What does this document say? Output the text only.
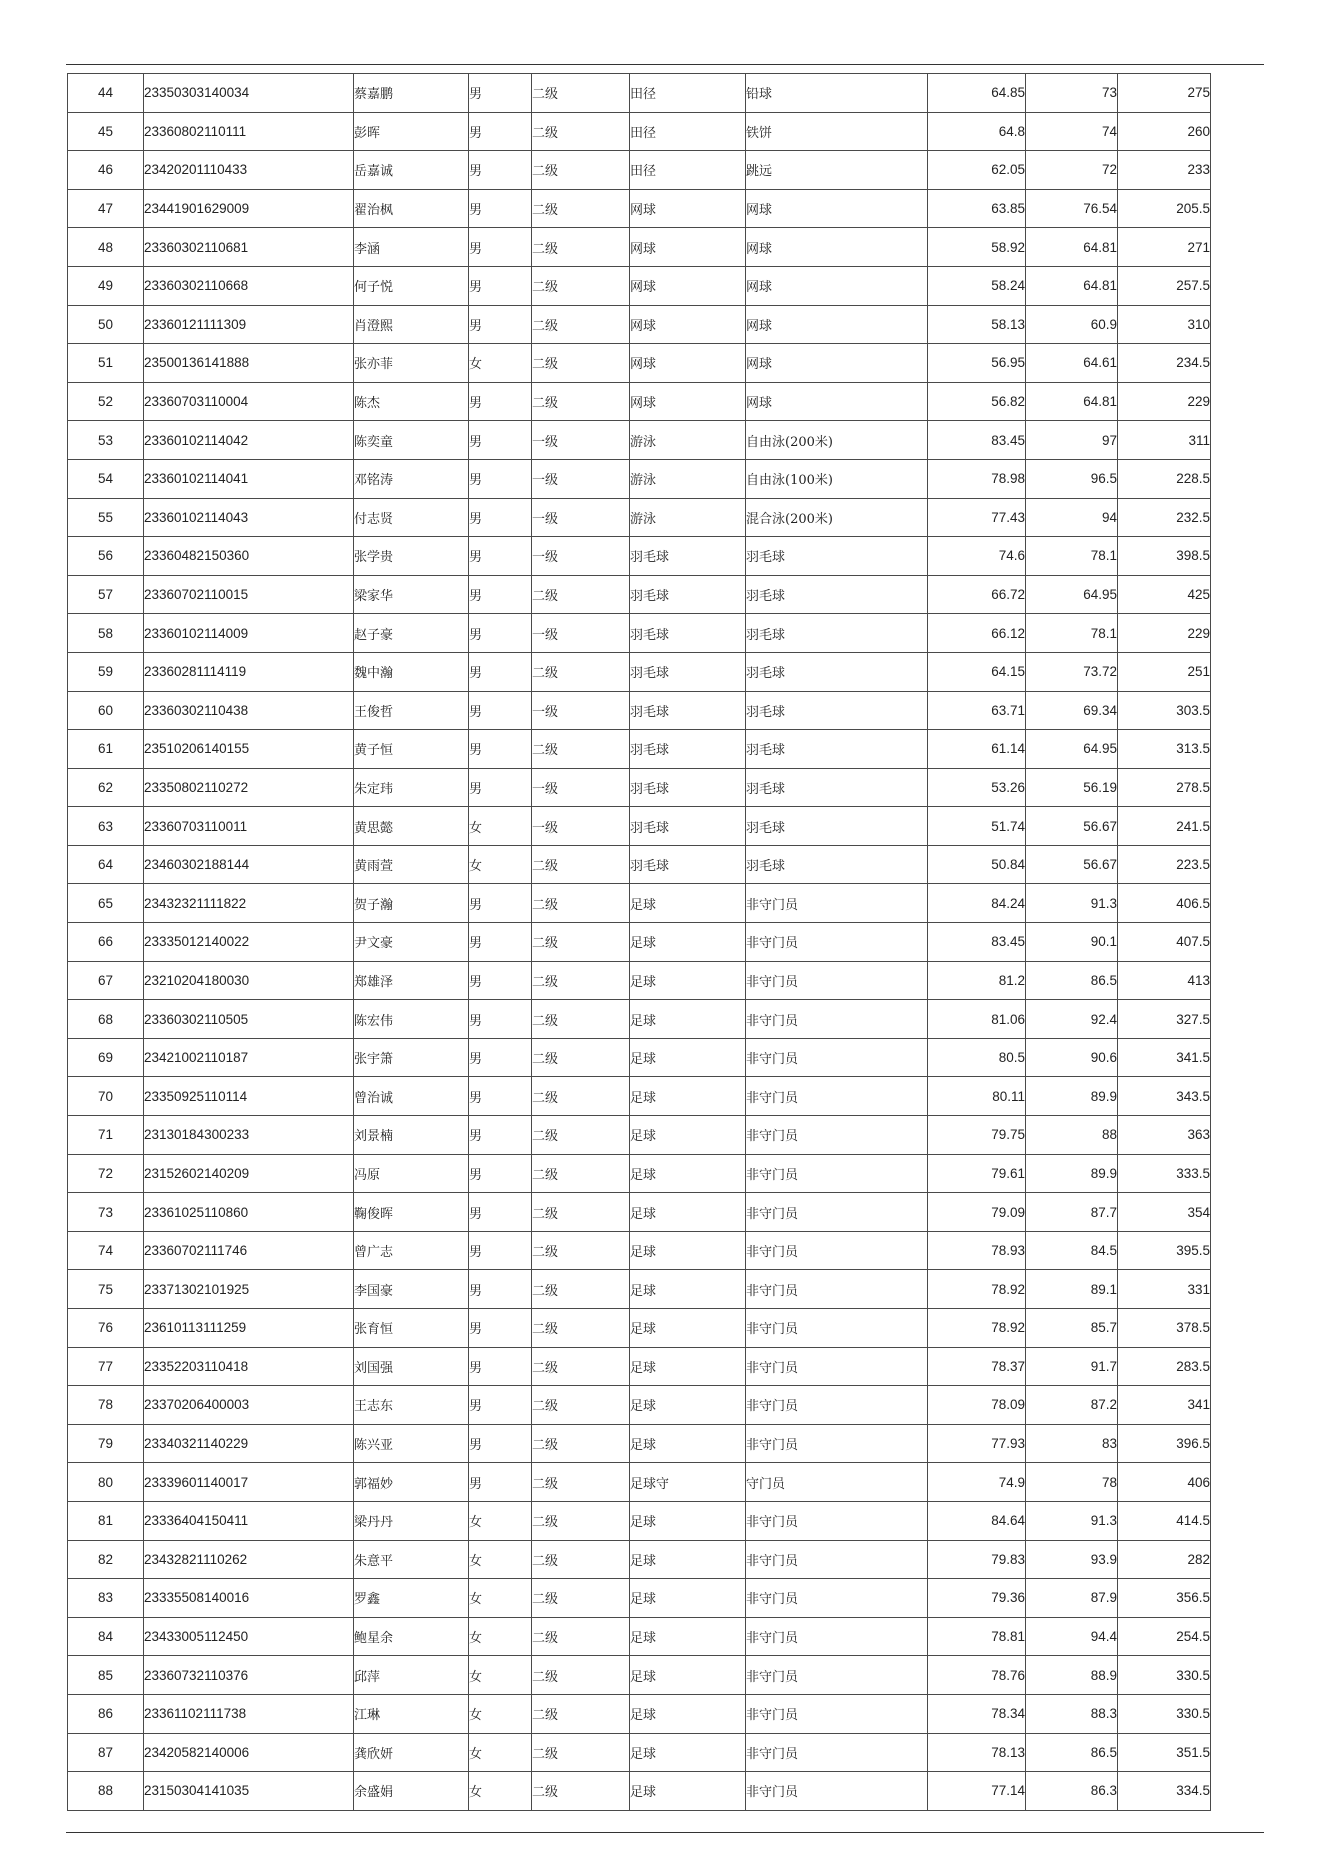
44	23350303140034	蔡嘉鹏	男	二级	田径	铅球	64.85	73	275
45	23360802110111	彭晖	男	二级	田径	铁饼	64.8	74	260
46	23420201110433	岳嘉诚	男	二级	田径	跳远	62.05	72	233
47	23441901629009	翟治枫	男	二级	网球	网球	63.85	76.54	205.5
48	23360302110681	李涵	男	二级	网球	网球	58.92	64.81	271
49	23360302110668	何子悦	男	二级	网球	网球	58.24	64.81	257.5
50	23360121111309	肖澄熙	男	二级	网球	网球	58.13	60.9	310
51	23500136141888	张亦菲	女	二级	网球	网球	56.95	64.61	234.5
52	23360703110004	陈杰	男	二级	网球	网球	56.82	64.81	229
53	23360102114042	陈奕童	男	一级	游泳	自由泳(200米)	83.45	97	311
54	23360102114041	邓铭涛	男	一级	游泳	自由泳(100米)	78.98	96.5	228.5
55	23360102114043	付志贤	男	一级	游泳	混合泳(200米)	77.43	94	232.5
56	23360482150360	张学贵	男	一级	羽毛球	羽毛球	74.6	78.1	398.5
57	23360702110015	梁家华	男	二级	羽毛球	羽毛球	66.72	64.95	425
58	23360102114009	赵子豪	男	一级	羽毛球	羽毛球	66.12	78.1	229
59	23360281114119	魏中瀚	男	二级	羽毛球	羽毛球	64.15	73.72	251
60	23360302110438	王俊哲	男	一级	羽毛球	羽毛球	63.71	69.34	303.5
61	23510206140155	黄子恒	男	二级	羽毛球	羽毛球	61.14	64.95	313.5
62	23350802110272	朱定玮	男	一级	羽毛球	羽毛球	53.26	56.19	278.5
63	23360703110011	黄思懿	女	一级	羽毛球	羽毛球	51.74	56.67	241.5
64	23460302188144	黄雨萱	女	二级	羽毛球	羽毛球	50.84	56.67	223.5
65	23432321111822	贺子瀚	男	二级	足球	非守门员	84.24	91.3	406.5
66	23335012140022	尹文豪	男	二级	足球	非守门员	83.45	90.1	407.5
67	23210204180030	郑雄泽	男	二级	足球	非守门员	81.2	86.5	413
68	23360302110505	陈宏伟	男	二级	足球	非守门员	81.06	92.4	327.5
69	23421002110187	张宇箫	男	二级	足球	非守门员	80.5	90.6	341.5
70	23350925110114	曾治诚	男	二级	足球	非守门员	80.11	89.9	343.5
71	23130184300233	刘景楠	男	二级	足球	非守门员	79.75	88	363
72	23152602140209	冯原	男	二级	足球	非守门员	79.61	89.9	333.5
73	23361025110860	鞠俊晖	男	二级	足球	非守门员	79.09	87.7	354
74	23360702111746	曾广志	男	二级	足球	非守门员	78.93	84.5	395.5
75	23371302101925	李国豪	男	二级	足球	非守门员	78.92	89.1	331
76	23610113111259	张育恒	男	二级	足球	非守门员	78.92	85.7	378.5
77	23352203110418	刘国强	男	二级	足球	非守门员	78.37	91.7	283.5
78	23370206400003	王志东	男	二级	足球	非守门员	78.09	87.2	341
79	23340321140229	陈兴亚	男	二级	足球	非守门员	77.93	83	396.5
80	23339601140017	郭福妙	男	二级	足球守	守门员	74.9	78	406
81	23336404150411	梁丹丹	女	二级	足球	非守门员	84.64	91.3	414.5
82	23432821110262	朱意平	女	二级	足球	非守门员	79.83	93.9	282
83	23335508140016	罗鑫	女	二级	足球	非守门员	79.36	87.9	356.5
84	23433005112450	鲍星余	女	二级	足球	非守门员	78.81	94.4	254.5
85	23360732110376	邱萍	女	二级	足球	非守门员	78.76	88.9	330.5
86	23361102111738	江琳	女	二级	足球	非守门员	78.34	88.3	330.5
87	23420582140006	龚欣妍	女	二级	足球	非守门员	78.13	86.5	351.5
88	23150304141035	余盛娟	女	二级	足球	非守门员	77.14	86.3	334.5
